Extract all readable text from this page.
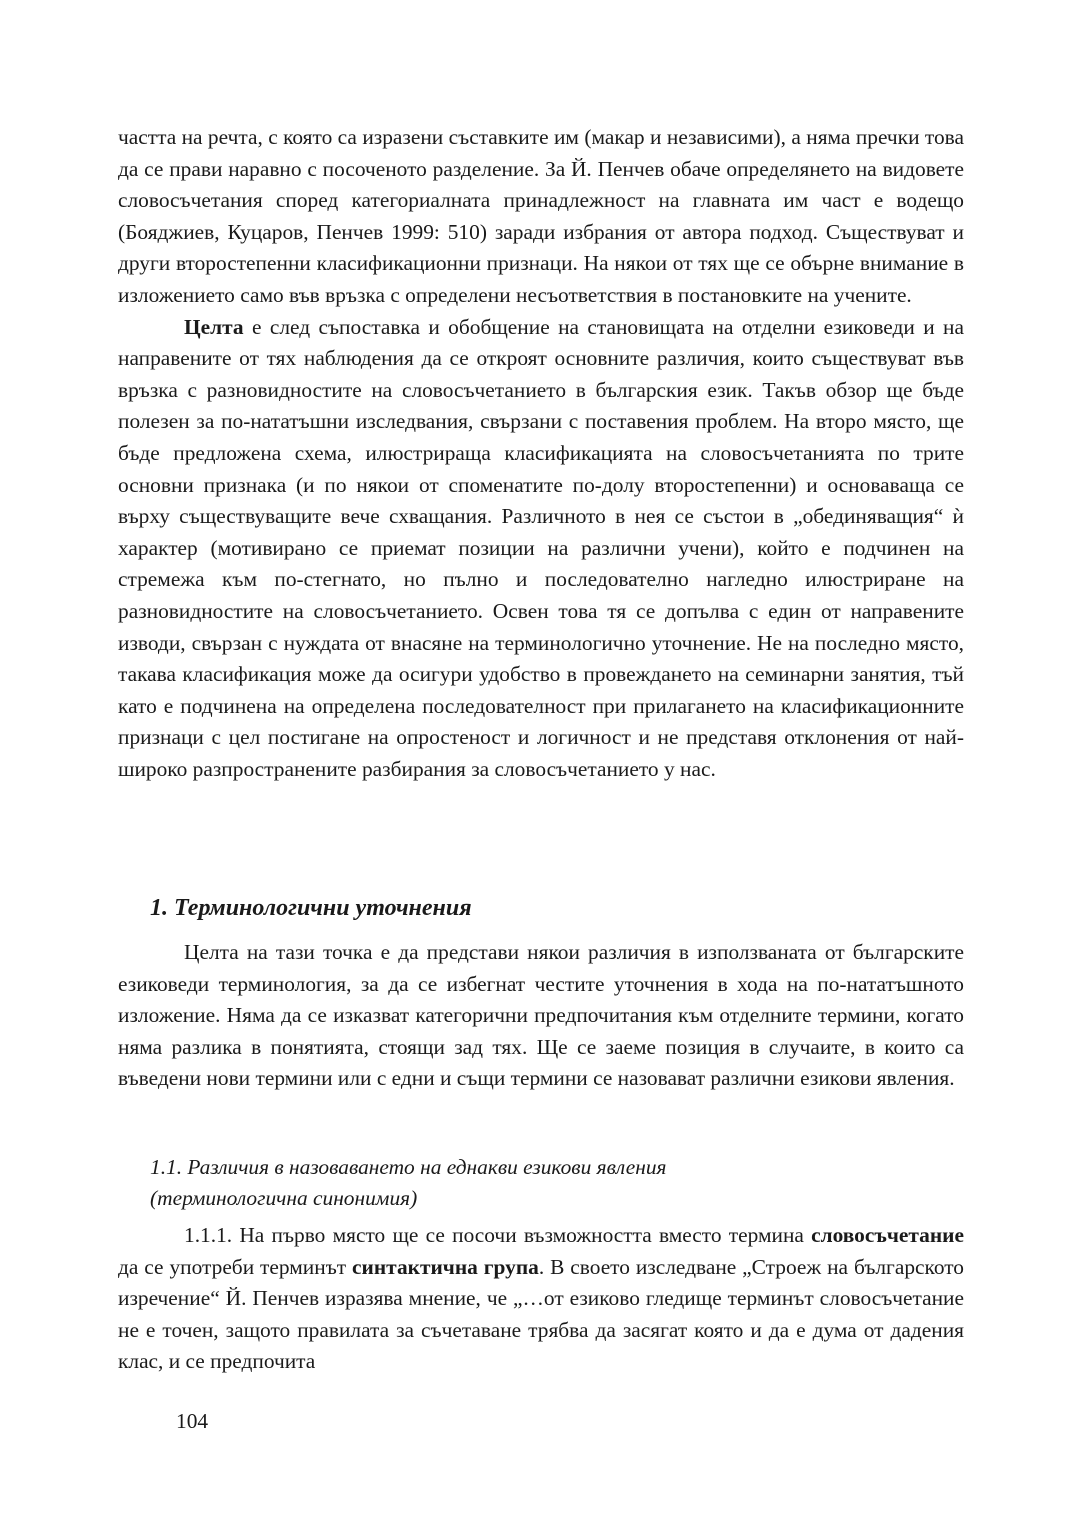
частта на речта, с която са изразени съставките им (макар и независими), а няма пречки това да се прави наравно с посоченото разделение. За Й. Пенчев обаче определянето на видовете словосъчетания според категориалната принадлежност на главната им част е водещо (Бояджиев, Куцаров, Пенчев 1999: 510) заради избрания от автора подход. Съществуват и други второстепенни класификационни признаци. На някои от тях ще се обърне внимание в изложението само във връзка с определени несъответствия в постановките на учените.

Целта е след съпоставка и обобщение на становищата на отделни езиковеди и на направените от тях наблюдения да се откроят основните различия, които съществуват във връзка с разновидностите на словосъчетанието в българския език. Такъв обзор ще бъде полезен за по-нататъшни изследвания, свързани с поставения проблем. На второ място, ще бъде предложена схема, илюстрираща класификацията на словосъчетанията по трите основни признака (и по някои от споменатите по-долу второстепенни) и основаваща се върху съществуващите вече схващания. Различното в нея се състои в „обединяващия“ ѝ характер (мотивирано се приемат позиции на различни учени), който е подчинен на стремежа към по-стегнато, но пълно и последователно нагледно илюстриране на разновидностите на словосъчетанието. Освен това тя се допълва с един от направените изводи, свързан с нуждата от внасяне на терминологично уточнение. Не на последно място, такава класификация може да осигури удобство в провеждането на семинарни занятия, тъй като е подчинена на определена последователност при прилагането на класификационните признаци с цел постигане на опростеност и логичност и не представя отклонения от най-широко разпространените разбирания за словосъчетанието у нас.

1. Терминологични уточнения

Целта на тази точка е да представи някои различия в използваната от българските езиковеди терминология, за да се избегнат честите уточнения в хода на по-нататъшното изложение. Няма да се изказват категорични предпочитания към отделните термини, когато няма разлика в понятията, стоящи зад тях. Ще се заеме позиция в случаите, в които са въведени нови термини или с едни и същи термини се назовават различни езикови явления.

1.1. Различия в назоваването на еднакви езикови явления
(терминологична синонимия)

1.1.1. На първо място ще се посочи възможността вместо термина словосъчетание да се употреби терминът синтактична група. В своето изследване „Строеж на българското изречение“ Й. Пенчев изразява мнение, че „…от езиково гледище терминът словосъчетание не е точен, защото правилата за съчетаване трябва да засягат която и да е дума от дадения клас, и се предпочита

104
